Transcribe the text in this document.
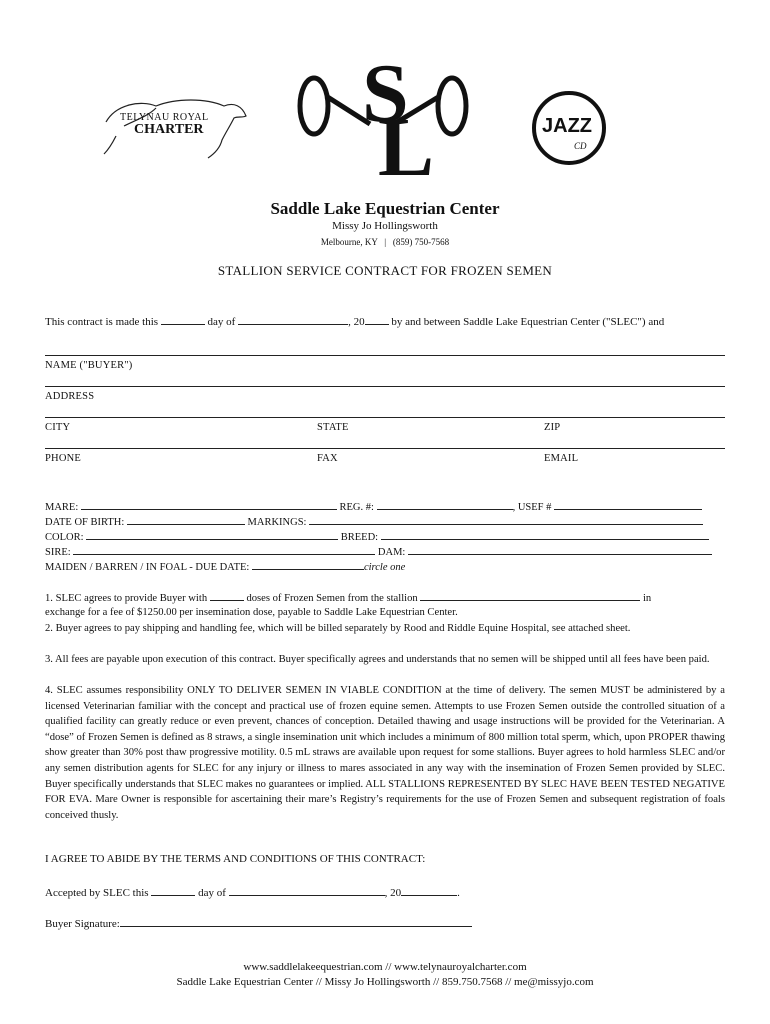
TELYNAU ROYAL
CHARTER S
L	JAZZ
CD
Saddle Lake Equestrian Center
Missy Jo Hollingsworth
Melbourne, KY | (859) 750-7568
STALLION SERVICE CONTRACT FOR FROZEN SEMEN
This contract is made this	day of	, 20 by and between Saddle Lake Equestrian Center ("SLEC") and
NAME ("BUYER")
ADDRESS
CITY	STATE	ZIP
PHONE	FAX	EMAIL
MARE:	REG. #:	, USEF #
DATE OF BIRTH:	MARKINGS:
COLOR:	BREED:
SIRE:	DAM:
MAIDEN / BARREN / IN FOAL - DUE DATE:	circle one
1. SLEC agrees to provide Buyer with	doses of Frozen Semen from the stallion	in
exchange for a fee of $1250.00 per insemination dose, payable to Saddle Lake Equestrian Center.
2. Buyer agrees to pay shipping and handling fee, which will be billed separately by Rood and Riddle Equine Hospital, see attached sheet.
3. All fees are payable upon execution of this contract. Buyer specifically agrees and understands that no semen will be shipped until all fees have been paid.
4. SLEC assumes responsibility ONLY TO DELIVER SEMEN IN VIABLE CONDITION at the time of delivery. The semen MUST be administered by a licensed Veterinarian familiar with the concept and practical use of frozen equine semen. Attempts to use Frozen Semen outside the controlled situation of a qualified facility can greatly reduce or even prevent, chances of conception. Detailed thawing and usage instructions will be provided for the Veterinarian. A “dose” of Frozen Semen is defined as 8 straws, a single insemination unit which includes a minimum of 800 million total sperm, which, upon PROPER thawing show greater than 30% post thaw progressive motility. 0.5 mL straws are available upon request for some stallions. Buyer agrees to hold harmless SLEC and/or any semen distribution agents for SLEC for any injury or illness to mares associated in any way with the insemination of Frozen Semen provided by SLEC. Buyer specifically understands that SLEC makes no guarantees or implied. ALL STALLIONS REPRESENTED BY SLEC HAVE BEEN TESTED NEGATIVE FOR EVA. Mare Owner is responsible for ascertaining their mare’s Registry’s requirements for the use of Frozen Semen and subsequent registration of foals conceived thusly.
I AGREE TO ABIDE BY THE TERMS AND CONDITIONS OF THIS CONTRACT:
Accepted by SLEC this	day of	, 20	.
Buyer Signature:
www.saddlelakeequestrian.com // www.telynauroyalcharter.com
Saddle Lake Equestrian Center // Missy Jo Hollingsworth // 859.750.7568 // me@missyjo.com
